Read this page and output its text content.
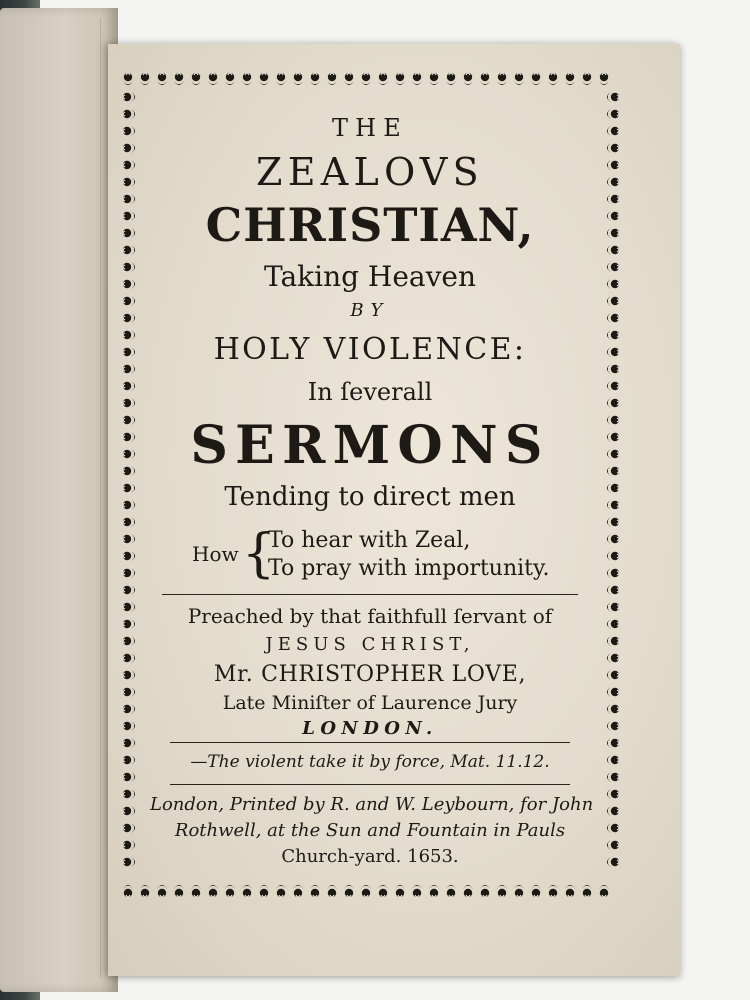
THE
ZEALOVS
CHRISTIAN,
Taking Heaven
BY
HOLY VIOLENCE:
In ſeverall
SERMONS
Tending to direct men
How {
To hear with Zeal,
To pray with importunity.
Preached by that faithfull ſervant of
JESUS CHRIST,
Mr. CHRISTOPHER LOVE,
Late Miniſter of Laurence Jury
LONDON.
—The violent take it by force, Mat. 11.12.
London, Printed by R. and W. Leybourn, for John
Rothwell, at the Sun and Fountain in Pauls
Church-yard. 1653.
